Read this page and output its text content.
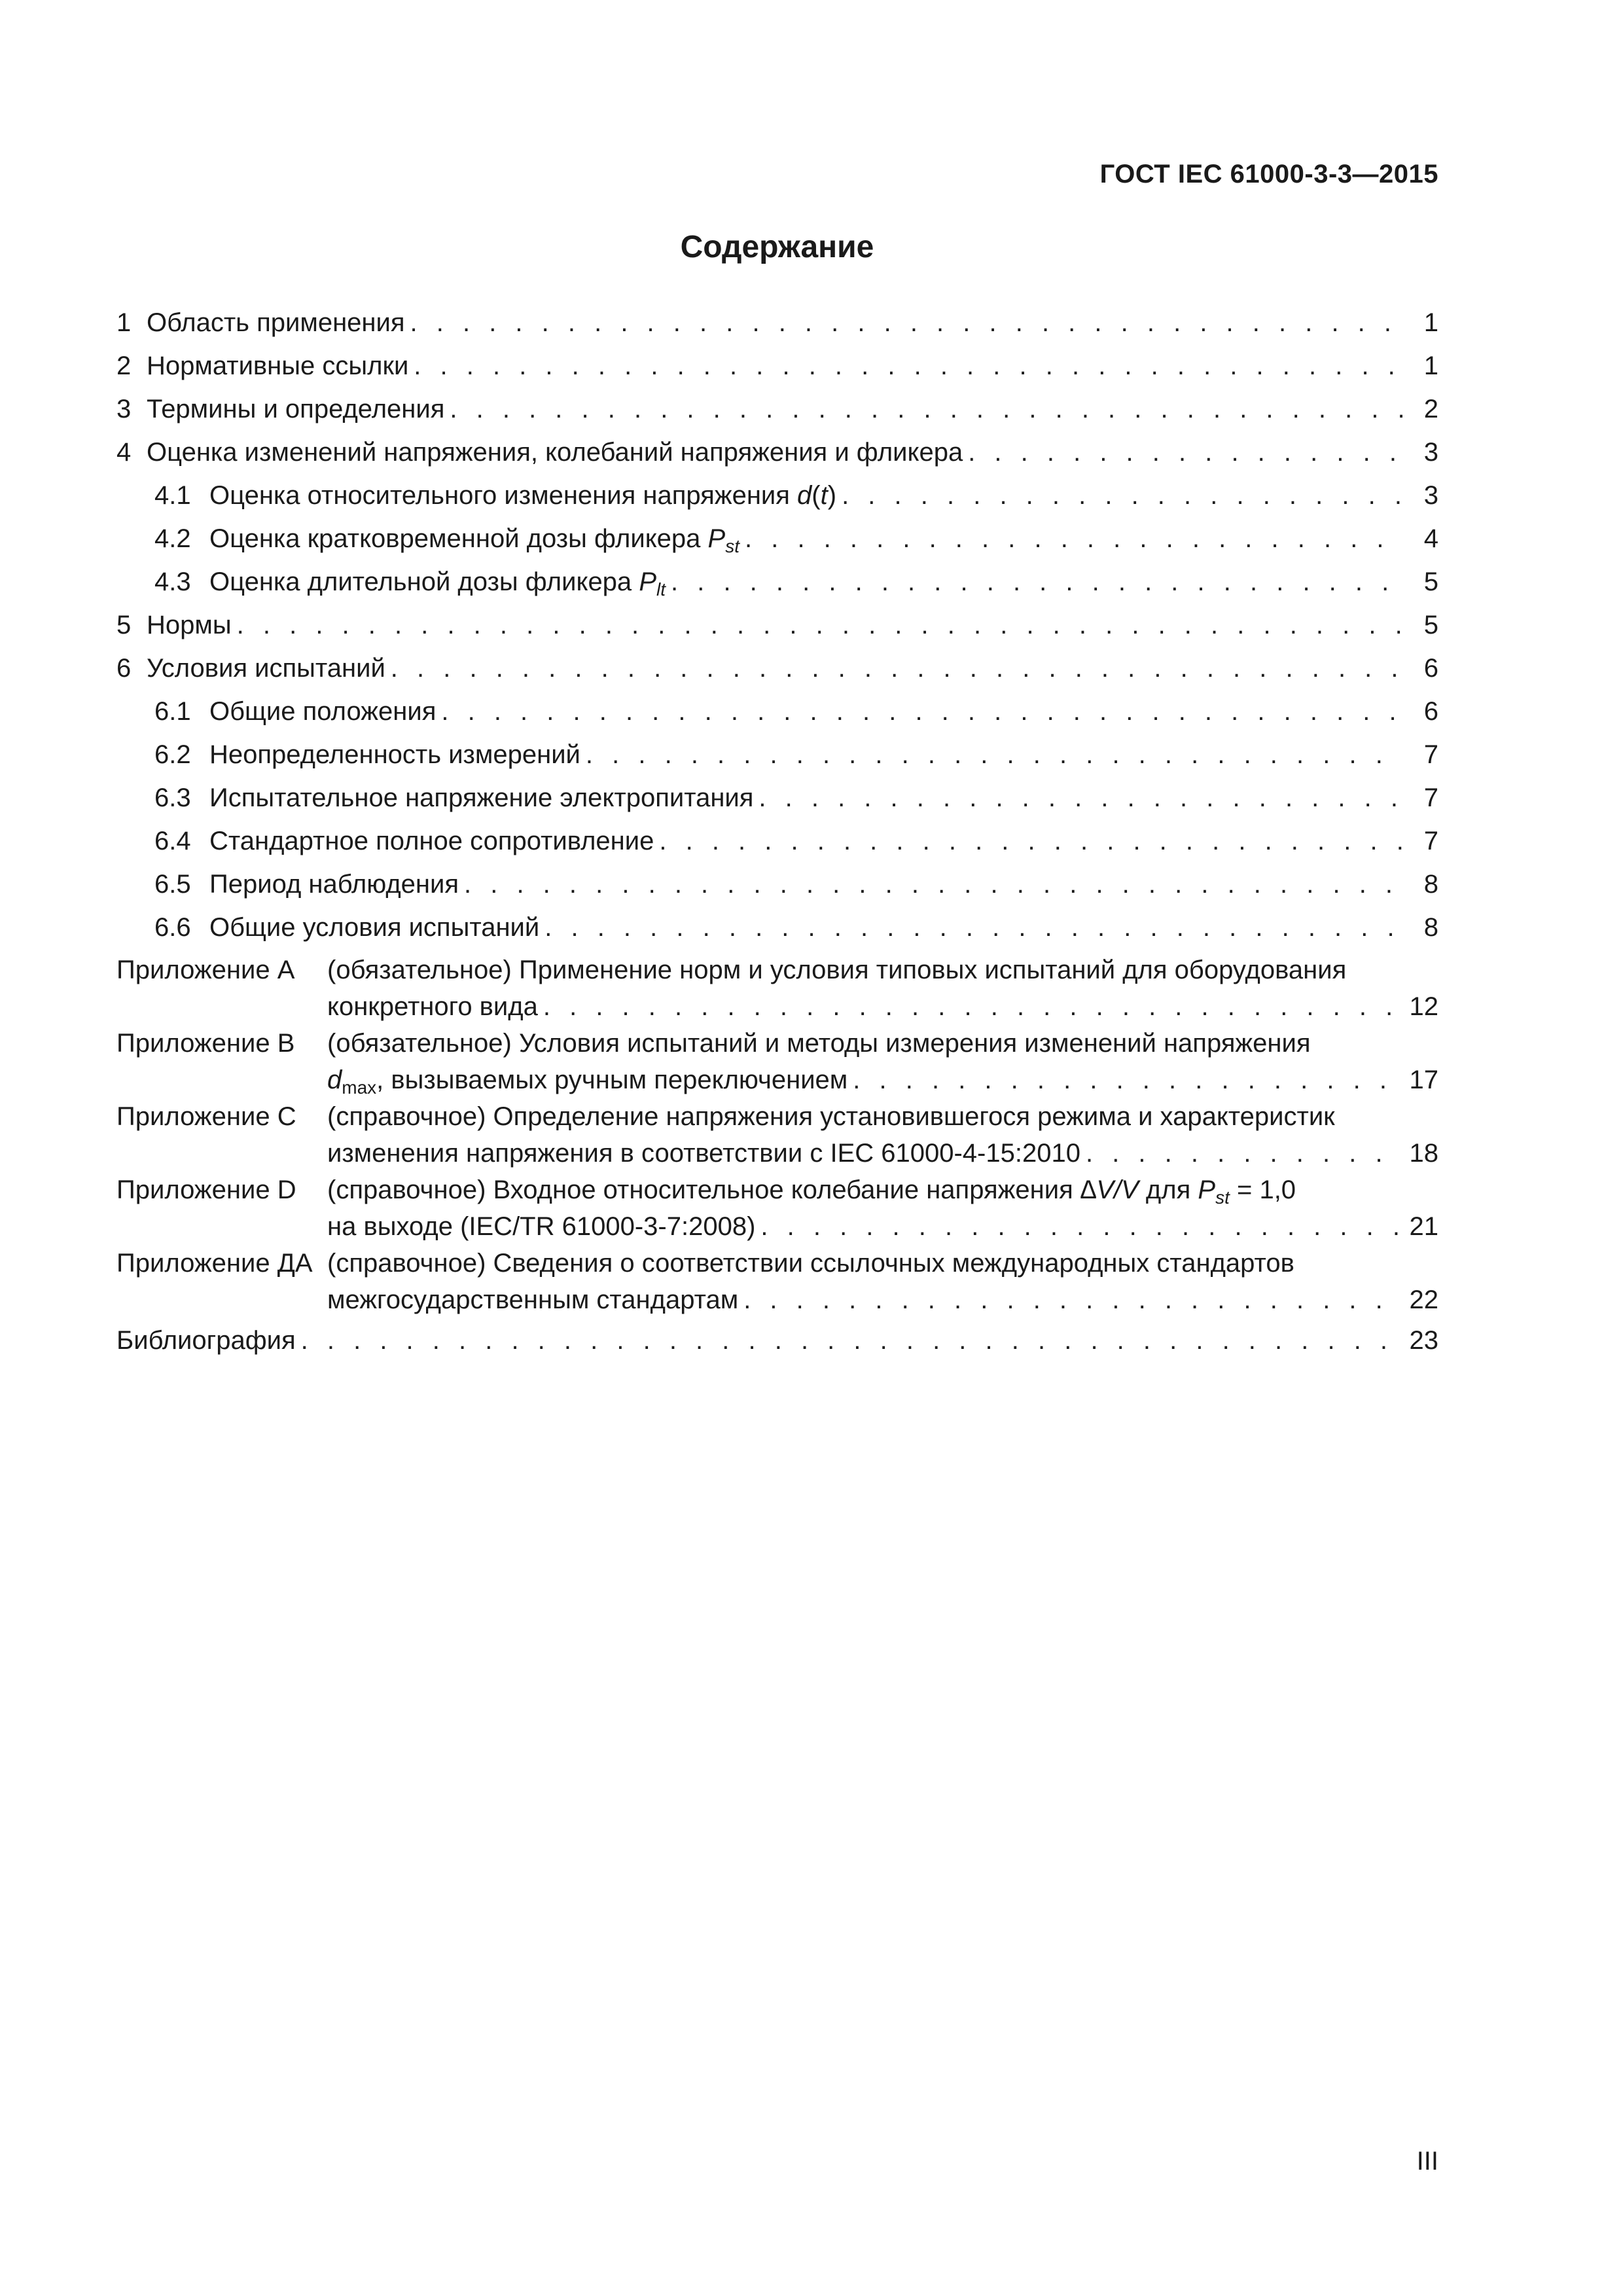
ГОСТ IEC 61000-3-3—2015
Содержание
1 Область применения . . .	1
2 Нормативные ссылки . . .	1
3 Термины и определения . . .	2
4 Оценка изменений напряжения, колебаний напряжения и фликера . . .	3
4.1 Оценка относительного изменения напряжения d(t) . . .	3
4.2 Оценка кратковременной дозы фликера $P_{st}$ . . .	4
4.3 Оценка длительной дозы фликера $P_{lt}$ . . .	5
5 Нормы . . .	5
6 Условия испытаний . . .	6
6.1 Общие положения . . .	6
6.2 Неопределенность измерений . . .	7
6.3 Испытательное напряжение электропитания . . .	7
6.4 Стандартное полное сопротивление . . .	7
6.5 Период наблюдения . . .	8
6.6 Общие условия испытаний . . .	8
Приложение А (обязательное) Применение норм и условия типовых испытаний для оборудования
конкретного вида . . .	12
Приложение В (обязательное) Условия испытаний и методы измерения изменений напряжения
$d_{max}$, вызываемых ручным переключением . . .	17
Приложение С (справочное) Определение напряжения установившегося режима и характеристик
изменения напряжения в соответствии с IEC 61000-4-15:2010 . . .	18
Приложение D (справочное) Входное относительное колебание напряжения ∆V/V для $P_{st} = 1,0$
на выходе (IEC/TR 61000-3-7:2008) . . .	21
Приложение ДА (справочное) Сведения о соответствии ссылочных международных стандартов
межгосударственным стандартам . . .	22
Библиография . . .	23
III
